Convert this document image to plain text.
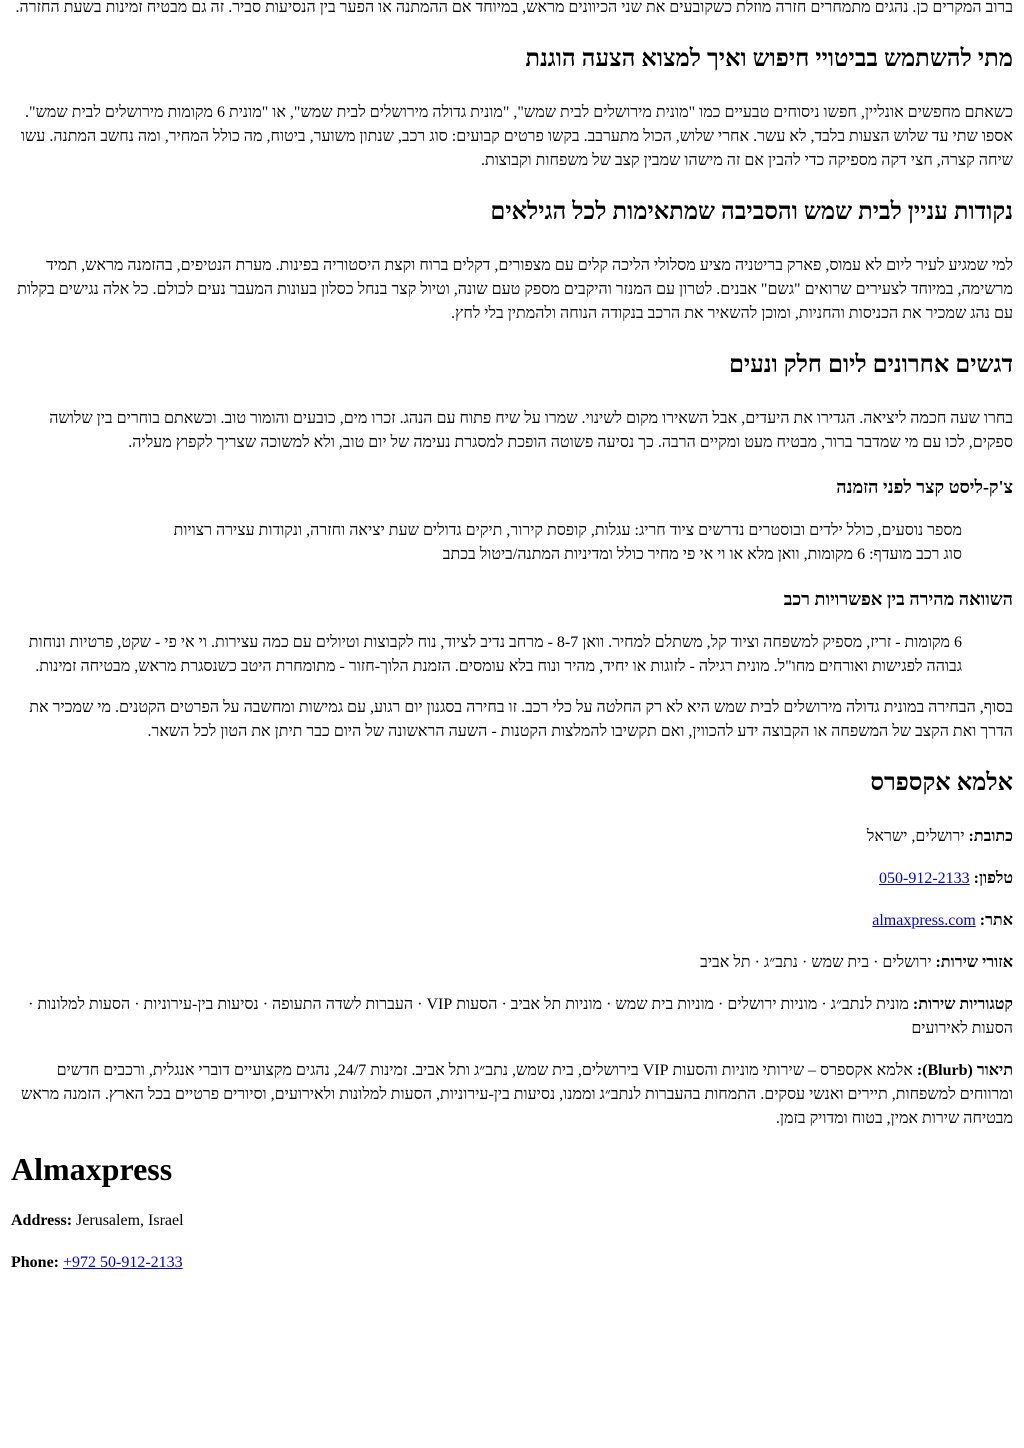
ברוב המקרים כן. נהגים מתמחרים חזרה מוזלת כשקובעים את שני הכיוונים מראש, במיוחד אם ההמתנה או הפער בין הנסיעות סביר. זה גם מבטיח זמינות בשעת החזרה.

מתי להשתמש בביטויי חיפוש ואיך למצוא הצעה הוגנת

כשאתם מחפשים אונליין, חפשו ניסוחים טבעיים כמו "מונית מירושלים לבית שמש", "מונית גדולה מירושלים לבית שמש", או "מונית 6 מקומות מירושלים לבית שמש". אספו שתי עד שלוש הצעות בלבד, לא עשר. אחרי שלוש, הכול מתערבב. בקשו פרטים קבועים: סוג רכב, שנתון משוער, ביטוח, מה כולל המחיר, ומה נחשב המתנה. עשו שיחה קצרה, חצי דקה מספיקה כדי להבין אם זה מישהו שמבין קצב של משפחות וקבוצות.

נקודות עניין לבית שמש והסביבה שמתאימות לכל הגילאים

למי שמגיע לעיר ליום לא עמוס, פארק בריטניה מציע מסלולי הליכה קלים עם מצפורים, דקלים ברוח וקצת היסטוריה בפינות. מערת הנטיפים, בהזמנה מראש, תמיד מרשימה, במיוחד לצעירים שרואים "גשם" אבנים. לטרון עם המנזר והיקבים מספק טעם שונה, וטיול קצר בנחל כסלון בעונות המעבר נעים לכולם. כל אלה נגישים בקלות עם נהג שמכיר את הכניסות והחניות, ומוכן להשאיר את הרכב בנקודה הנוחה ולהמתין בלי לחץ.

דגשים אחרונים ליום חלק ונעים

בחרו שעה חכמה ליציאה. הגדירו את היעדים, אבל השאירו מקום לשינוי. שמרו על שיח פתוח עם הנהג. זכרו מים, כובעים והומור טוב. וכשאתם בוחרים בין שלושה ספקים, לכו עם מי שמדבר ברור, מבטיח מעט ומקיים הרבה. כך נסיעה פשוטה הופכת למסגרת נעימה של יום טוב, ולא למשוכה שצריך לקפוץ מעליה.

צ'ק-ליסט קצר לפני הזמנה

מספר נוסעים, כולל ילדים ובוסטרים נדרשים ציוד חריג: עגלות, קופסת קירור, תיקים גדולים שעת יציאה וחזרה, ונקודות עצירה רצויות

סוג רכב מועדף: 6 מקומות, וואן מלא או וי אי פי מחיר כולל ומדיניות המתנה/ביטול בכתב

השוואה מהירה בין אפשרויות רכב

6 מקומות - זריז, מספיק למשפחה וציוד קל, משתלם למחיר. וואן 8-7 - מרחב נדיב לציוד, נוח לקבוצות וטיולים עם כמה עצירות. וי אי פי - שקט, פרטיות ונוחות גבוהה לפגישות ואורחים מחו"ל. מונית רגילה - לזוגות או יחיד, מהיר ונוח בלא עומסים. הזמנת הלוך-חזור - מתומחרת היטב כשנסגרת מראש, מבטיחה זמינות.

בסוף, הבחירה במונית גדולה מירושלים לבית שמש היא לא רק החלטה על כלי רכב. זו בחירה בסגנון יום רגוע, עם גמישות ומחשבה על הפרטים הקטנים. מי שמכיר את הדרך ואת הקצב של המשפחה או הקבוצה ידע להכווין, ואם תקשיבו להמלצות הקטנות - השעה הראשונה של היום כבר תיתן את הטון לכל השאר.

אלמא אקספרס

כתובת: ירושלים, ישראל

טלפון: 050-912-2133

אתר: almaxpress.com

אזורי שירות: ירושלים · בית שמש · נתב״ג · תל אביב

קטגוריות שירות: מונית לנתב״ג · מוניות ירושלים · מוניות בית שמש · מוניות תל אביב · הסעות VIP · העברות לשדה התעופה · נסיעות בין-עירוניות · הסעות למלונות · הסעות לאירועים

תיאור (Blurb): אלמא אקספרס – שירותי מוניות והסעות VIP בירושלים, בית שמש, נתב״ג ותל אביב. זמינות 24/7, נהגים מקצועיים דוברי אנגלית, ורכבים חדשים ומרווחים למשפחות, תיירים ואנשי עסקים. התמחות בהעברות לנתב״ג וממנו, נסיעות בין-עירוניות, הסעות למלונות ולאירועים, וסיורים פרטיים בכל הארץ. הזמנה מראש מבטיחה שירות אמין, בטוח ומדויק בזמן.

Almaxpress

Address: Jerusalem, Israel

Phone: +972 50-912-2133
